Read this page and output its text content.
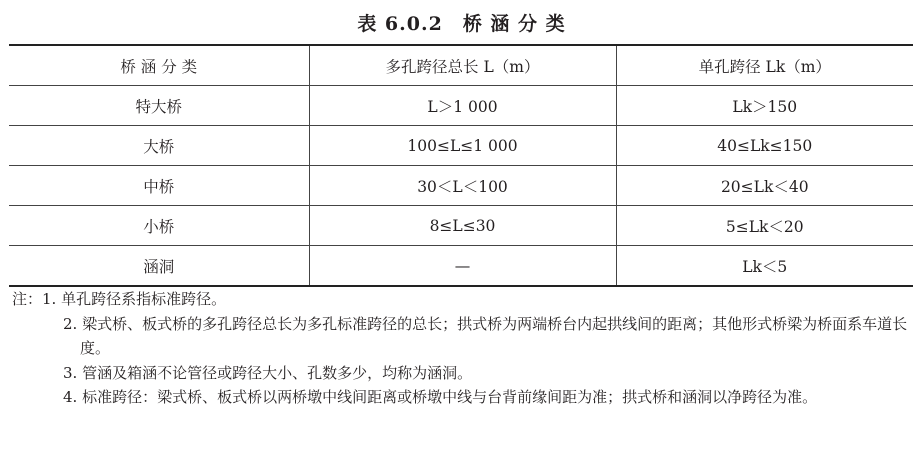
表 6.0.2　桥 涵 分 类
桥 涵 分 类	多孔跨径总长 L（m）	单孔跨径 Lk（m）
特大桥	L＞1 000	Lk＞150
大桥	100≤L≤1 000	40≤Lk≤150
中桥	30＜L＜100	20≤Lk＜40
小桥	8≤L≤30	5≤Lk＜20
涵洞	—	Lk＜5
注：1. 单孔跨径系指标准跨径。
2. 梁式桥、板式桥的多孔跨径总长为多孔标准跨径的总长；拱式桥为两端桥台内起拱线间的距离；其他形式桥梁为桥面系车道长度。
3. 管涵及箱涵不论管径或跨径大小、孔数多少，均称为涵洞。
4. 标准跨径：梁式桥、板式桥以两桥墩中线间距离或桥墩中线与台背前缘间距为准；拱式桥和涵洞以净跨径为准。
